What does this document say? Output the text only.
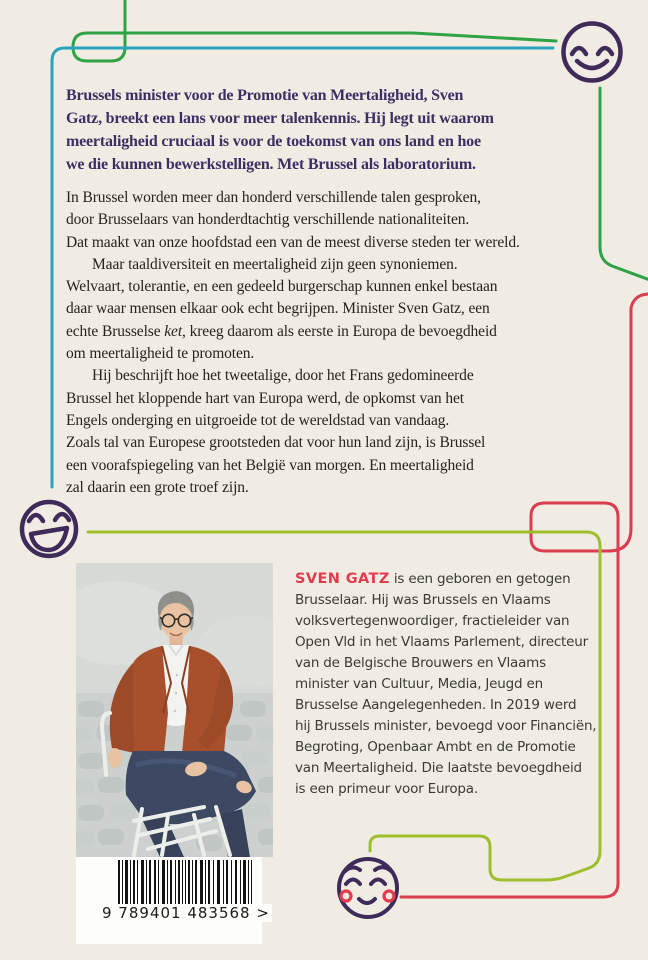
Brussels minister voor de Promotie van Meertaligheid, Sven
Gatz, breekt een lans voor meer talenkennis. Hij legt uit waarom
meertaligheid cruciaal is voor de toekomst van ons land en hoe
we die kunnen bewerkstelligen. Met Brussel als laboratorium.
In Brussel worden meer dan honderd verschillende talen gesproken,
door Brusselaars van honderdtachtig verschillende nationaliteiten.
Dat maakt van onze hoofdstad een van de meest diverse steden ter wereld.
Maar taaldiversiteit en meertaligheid zijn geen synoniemen.
Welvaart, tolerantie, en een gedeeld burgerschap kunnen enkel bestaan
daar waar mensen elkaar ook echt begrijpen. Minister Sven Gatz, een
echte Brusselse ket, kreeg daarom als eerste in Europa de bevoegdheid
om meertaligheid te promoten.
Hij beschrijft hoe het tweetalige, door het Frans gedomineerde
Brussel het kloppende hart van Europa werd, de opkomst van het
Engels onderging en uitgroeide tot de wereldstad van vandaag.
Zoals tal van Europese grootsteden dat voor hun land zijn, is Brussel
een voorafspiegeling van het België van morgen. En meertaligheid
zal daarin een grote troef zijn.
SVEN GATZ is een geboren en getogen
Brusselaar. Hij was Brussels en Vlaams
volksvertegenwoordiger, fractieleider van
Open Vld in het Vlaams Parlement, directeur
van de Belgische Brouwers en Vlaams
minister van Cultuur, Media, Jeugd en
Brusselse Aangelegenheden. In 2019 werd
hij Brussels minister, bevoegd voor Financiën,
Begroting, Openbaar Ambt en de Promotie
van Meertaligheid. Die laatste bevoegdheid
is een primeur voor Europa.
9 789401 483568 >
